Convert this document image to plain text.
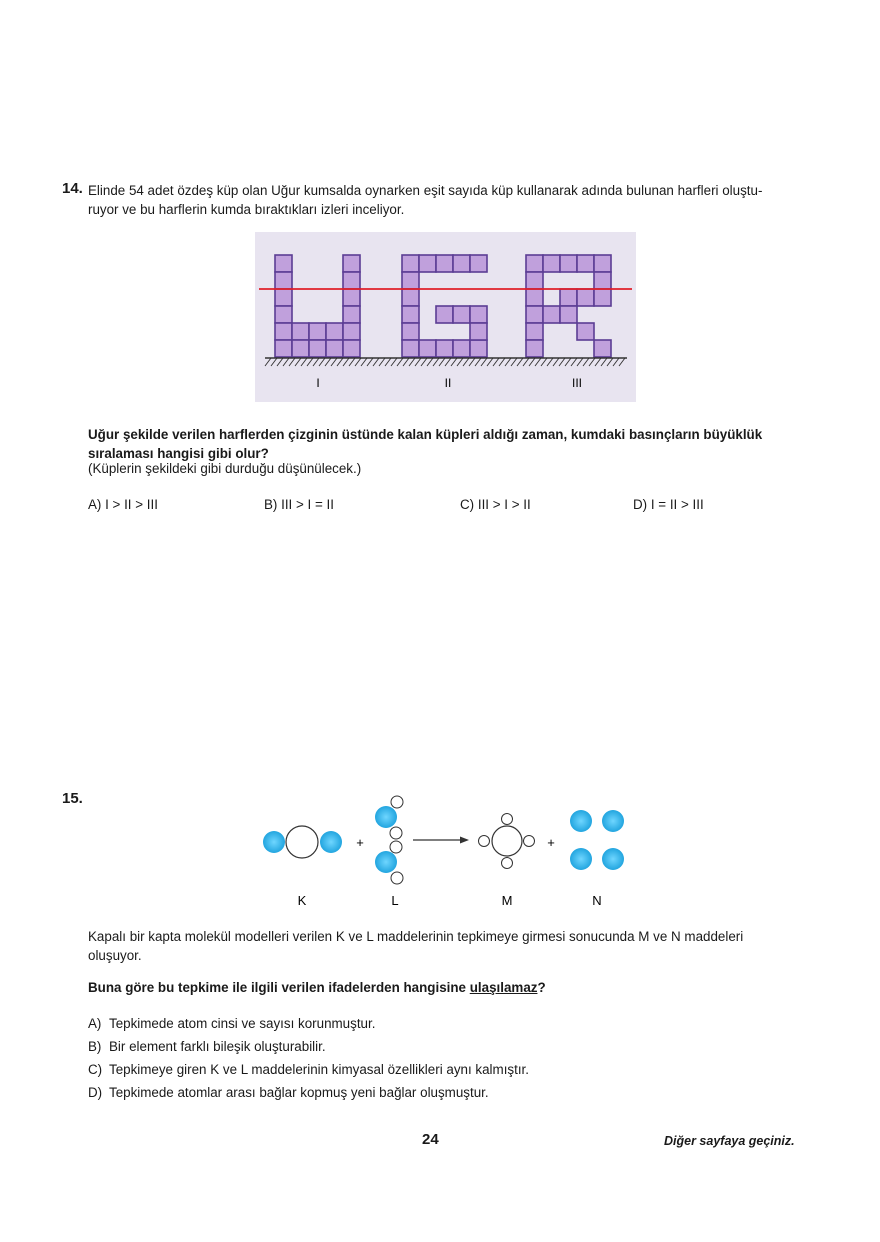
14. Elinde 54 adet özdeş küp olan Uğur kumsalda oynarken eşit sayıda küp kullanarak adında bulunan harfleri oluştu-
ruyor ve bu harflerin kumda bıraktıkları izleri inceliyor.
I	II	III
Uğur şekilde verilen harflerden çizginin üstünde kalan küpleri aldığı zaman, kumdaki basınçların büyüklük
sıralaması hangisi gibi olur?
(Küplerin şekildeki gibi durduğu düşünülecek.)
A) I > II > III	B) III > I = II	C) III > I > II	D) I = II > III
15.
+	+
K	L	M	N
Kapalı bir kapta molekül modelleri verilen K ve L maddelerinin tepkimeye girmesi sonucunda M ve N maddeleri
oluşuyor.
Buna göre bu tepkime ile ilgili verilen ifadelerden hangisine ulaşılamaz?
A) Tepkimede atom cinsi ve sayısı korunmuştur.
B) Bir element farklı bileşik oluşturabilir.
C) Tepkimeye giren K ve L maddelerinin kimyasal özellikleri aynı kalmıştır.
D) Tepkimede atomlar arası bağlar kopmuş yeni bağlar oluşmuştur.
24	Diğer sayfaya geçiniz.
